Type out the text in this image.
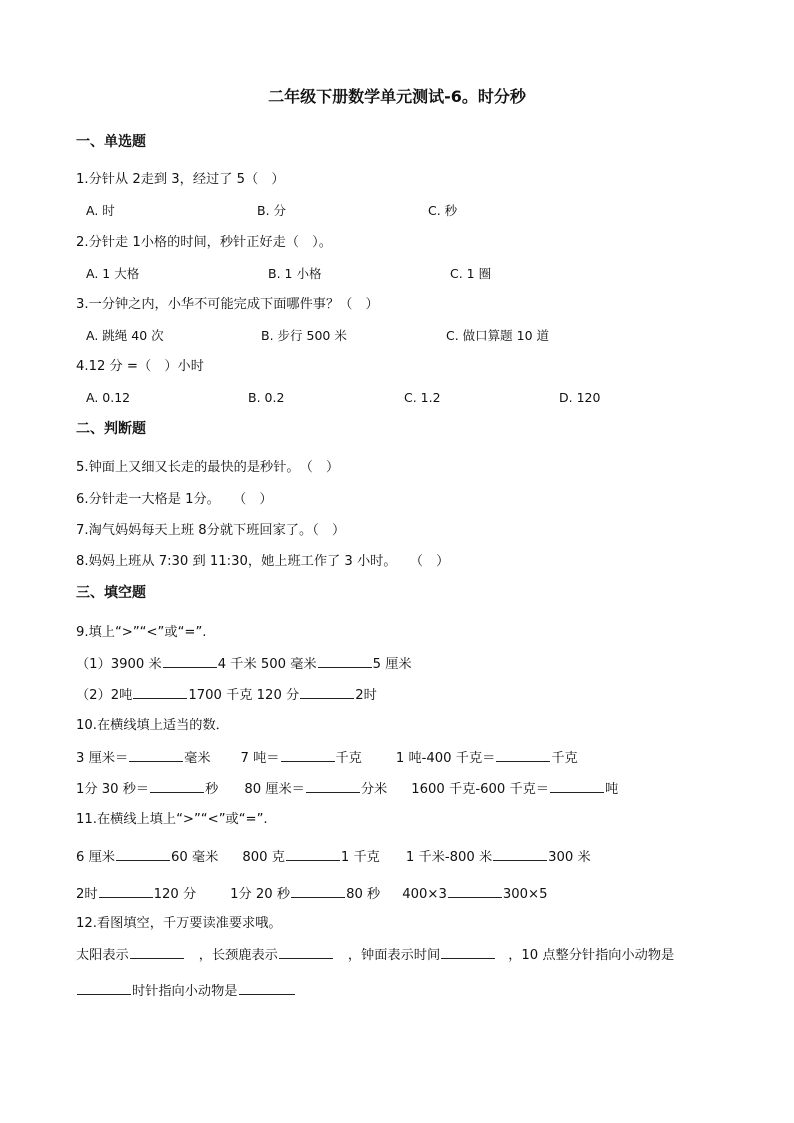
二年级下册数学单元测试-6。时分秒
一、单选题
1.分针从 2走到 3，经过了 5（　）
A. 时	B. 分	C. 秒
2.分针走 1小格的时间，秒针正好走（　）。
A. 1 大格	B. 1 小格	C. 1 圈
3.一分钟之内，小华不可能完成下面哪件事？（　）
A. 跳绳 40 次	B. 步行 500 米	C. 做口算题 10 道
4.12 分 =（　）小时
A. 0.12	B. 0.2	C. 1.2	D. 120
二、判断题
5.钟面上又细又长走的最快的是秒针。　（　）
6.分针走一大格是 1分。　　（　）
7.淘气妈妈每天上班 8分就下班回家了。（　）
8.妈妈上班从 7:30 到 11:30，她上班工作了 3 小时。　　（　）
三、填空题
9.填上“>”“<”或“=”.
（1）3900 米	4 千米 500 毫米	5 厘米
（2）2吨	1700 千克 120 分	2时
10.在横线填上适当的数．
3 厘米＝	毫米 7 吨＝	千克	1 吨-400 千克＝	千克
1分 30 秒＝	秒 80 厘米＝	分米 1600 千克-600 千克＝	吨
11.在横线上填上“>”“<”或“=”.
6 厘米	60 毫米 800 克	1 千克 1 千米-800 米	300 米
2时	120 分	1分 20 秒	80 秒 400×3	300×5
12.看图填空，千万要读准要求哦。
太阳表示	，长颈鹿表示	，钟面表示时间	，10 点整分针指向小动物是
时针指向小动物是
